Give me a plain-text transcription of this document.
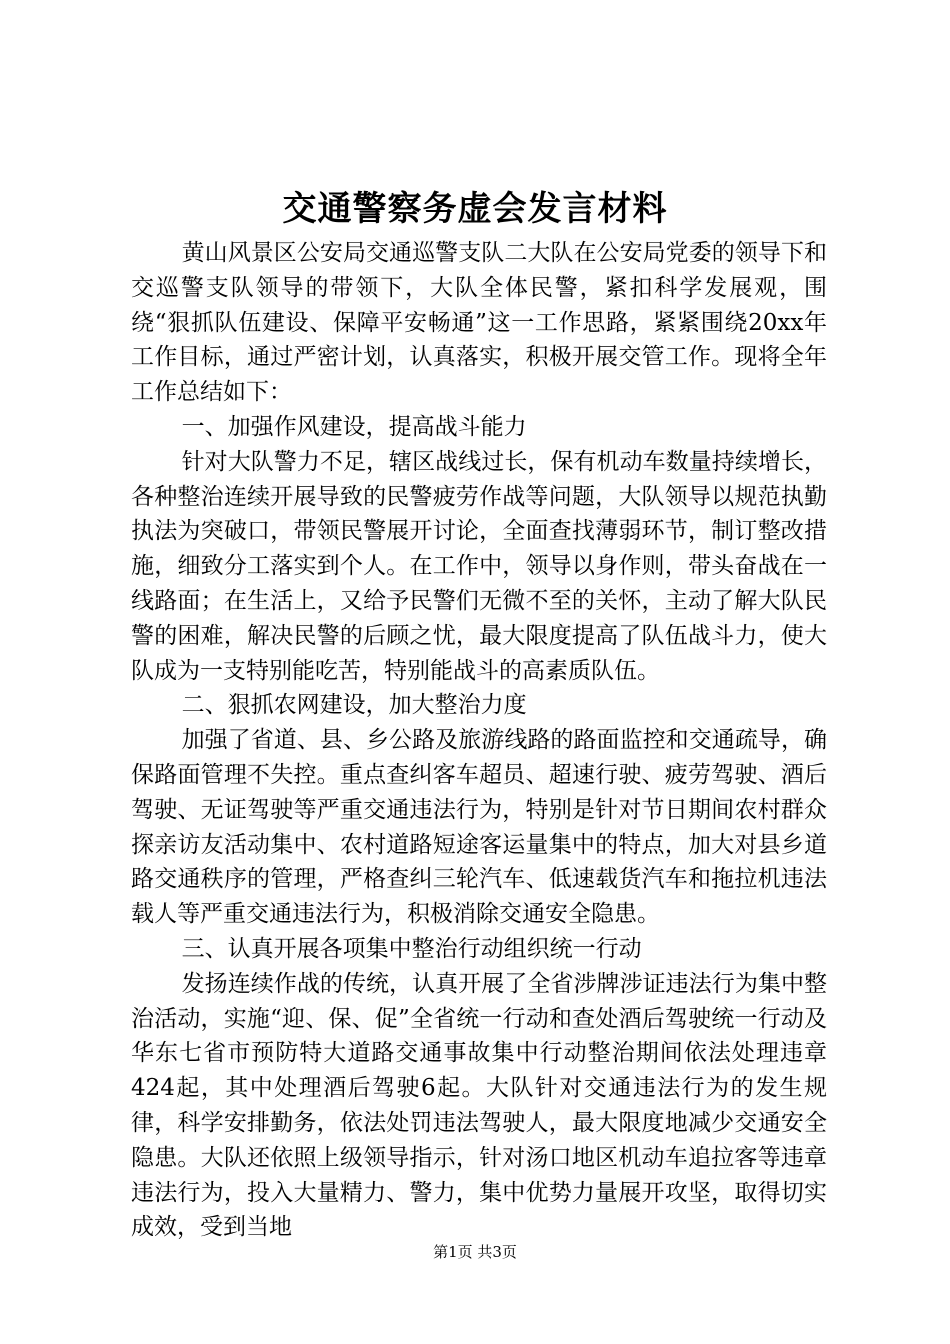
交通警察务虚会发言材料

黄山风景区公安局交通巡警支队二大队在公安局党委的领导下和交巡警支队领导的带领下，大队全体民警，紧扣科学发展观，围绕“狠抓队伍建设、保障平安畅通”这一工作思路，紧紧围绕20xx年工作目标，通过严密计划，认真落实，积极开展交管工作。现将全年工作总结如下：

一、加强作风建设，提高战斗能力

针对大队警力不足，辖区战线过长，保有机动车数量持续增长，各种整治连续开展导致的民警疲劳作战等问题，大队领导以规范执勤执法为突破口，带领民警展开讨论，全面查找薄弱环节，制订整改措施，细致分工落实到个人。在工作中，领导以身作则，带头奋战在一线路面；在生活上，又给予民警们无微不至的关怀，主动了解大队民警的困难，解决民警的后顾之忧，最大限度提高了队伍战斗力，使大队成为一支特别能吃苦，特别能战斗的高素质队伍。

二、狠抓农网建设，加大整治力度

加强了省道、县、乡公路及旅游线路的路面监控和交通疏导，确保路面管理不失控。重点查纠客车超员、超速行驶、疲劳驾驶、酒后驾驶、无证驾驶等严重交通违法行为，特别是针对节日期间农村群众探亲访友活动集中、农村道路短途客运量集中的特点，加大对县乡道路交通秩序的管理，严格查纠三轮汽车、低速载货汽车和拖拉机违法载人等严重交通违法行为，积极消除交通安全隐患。

三、认真开展各项集中整治行动组织统一行动

发扬连续作战的传统，认真开展了全省涉牌涉证违法行为集中整治活动，实施“迎、保、促”全省统一行动和查处酒后驾驶统一行动及华东七省市预防特大道路交通事故集中行动整治期间依法处理违章424起，其中处理酒后驾驶6起。大队针对交通违法行为的发生规律，科学安排勤务，依法处罚违法驾驶人，最大限度地减少交通安全隐患。大队还依照上级领导指示，针对汤口地区机动车追拉客等违章违法行为，投入大量精力、警力，集中优势力量展开攻坚，取得切实成效，受到当地

第1页 共3页
